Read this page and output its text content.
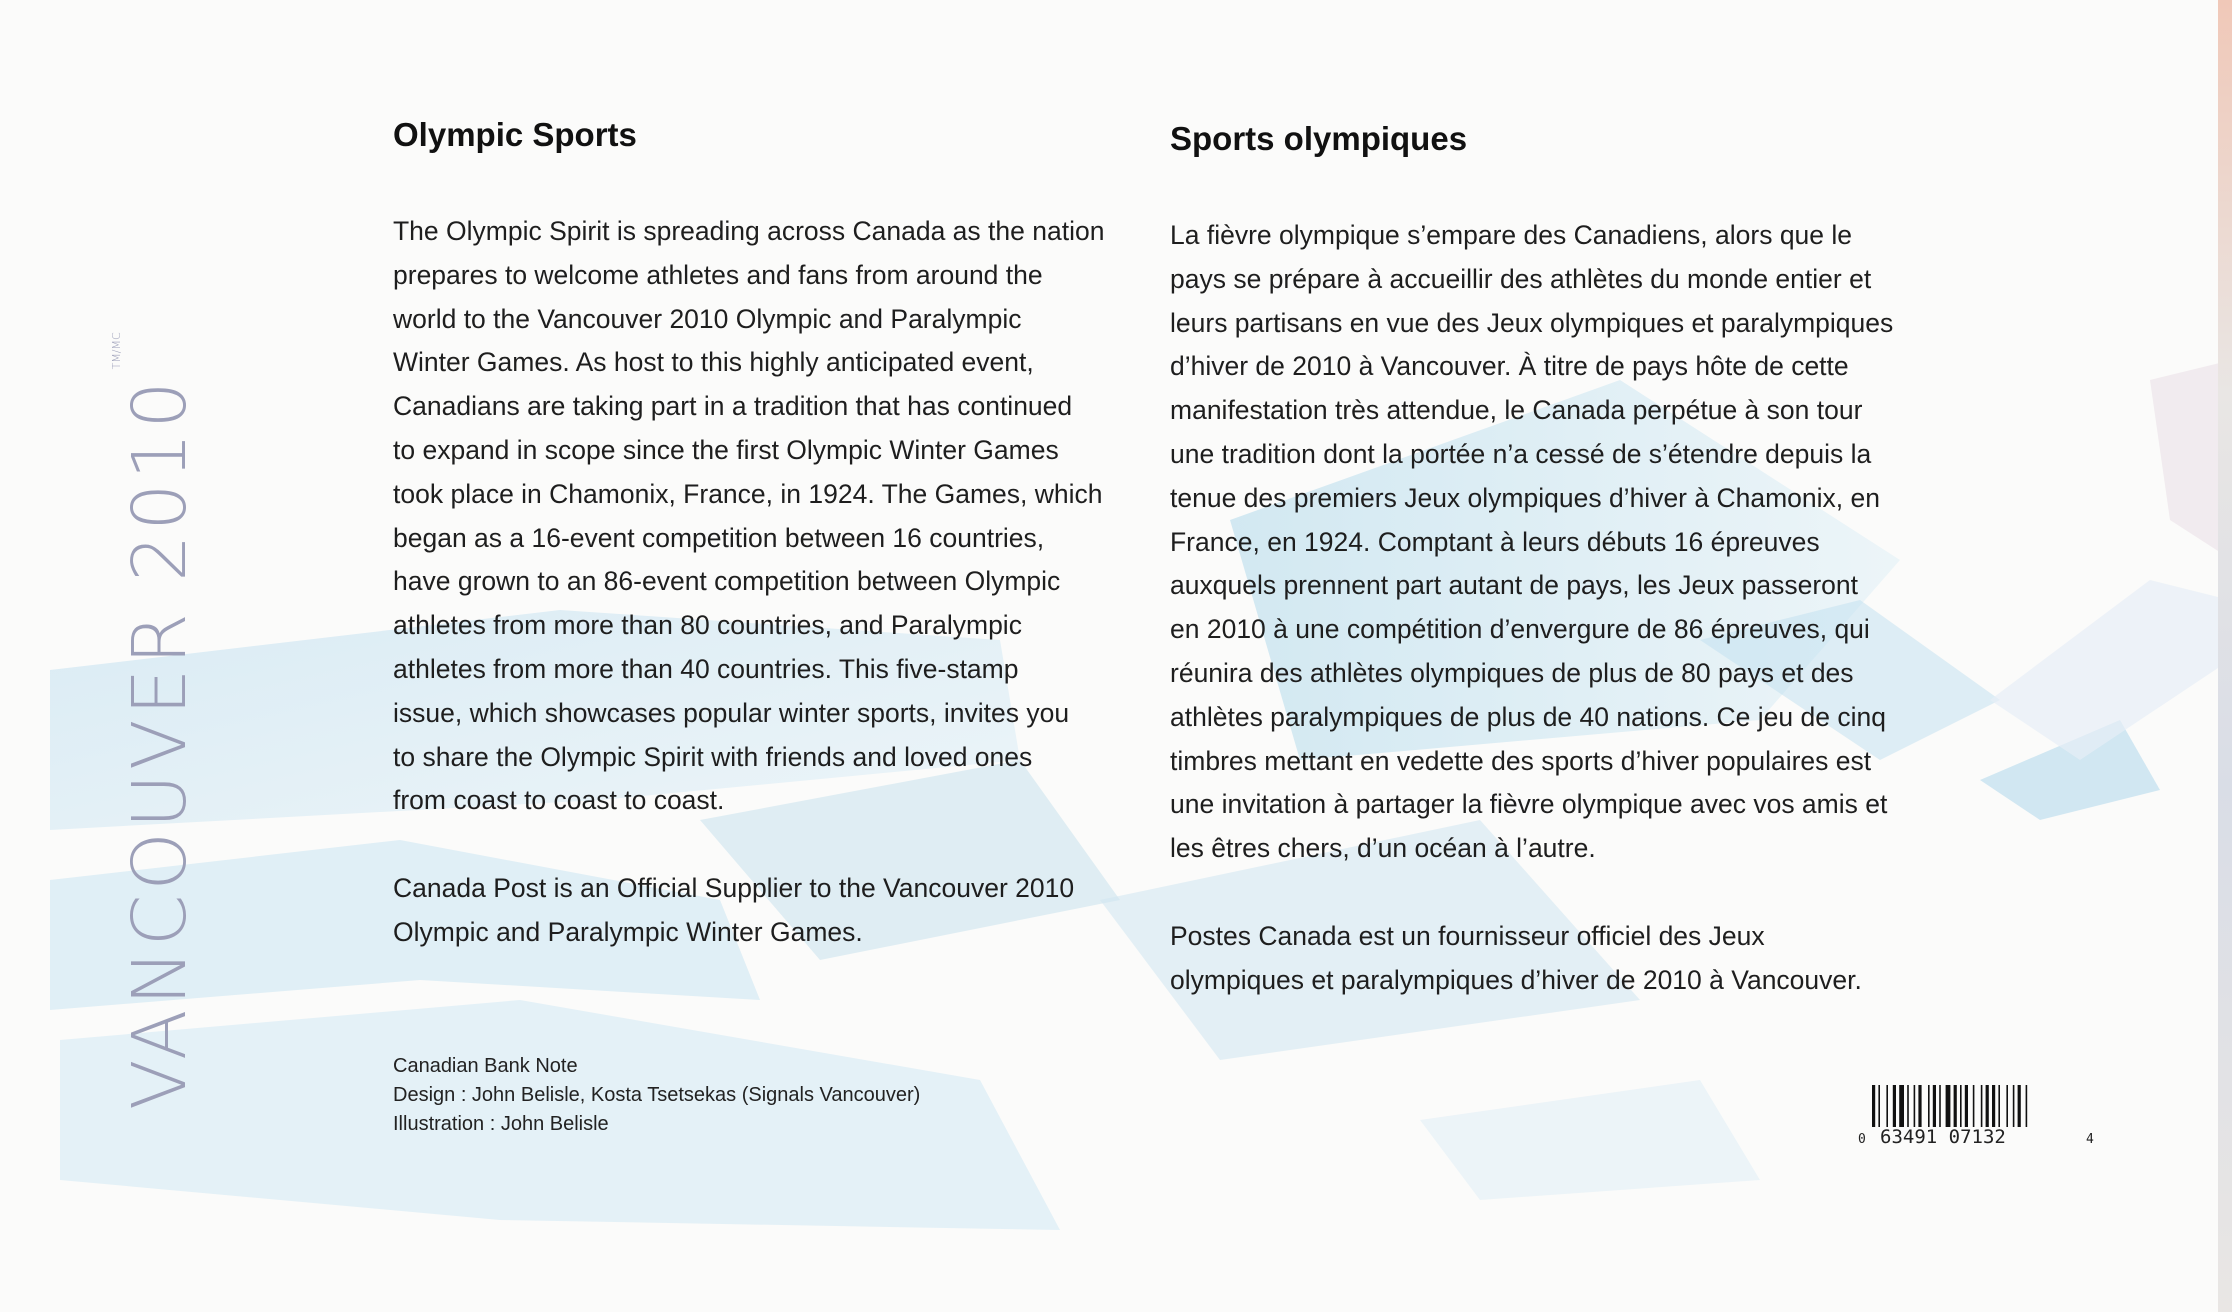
VANCOUVER $2010^{TM/MC}$
Olympic Sports

The Olympic Spirit is spreading across Canada as the nation
prepares to welcome athletes and fans from around the
world to the Vancouver 2010 Olympic and Paralympic
Winter Games. As host to this highly anticipated event,
Canadians are taking part in a tradition that has continued
to expand in scope since the first Olympic Winter Games
took place in Chamonix, France, in 1924. The Games, which
began as a 16-event competition between 16 countries,
have grown to an 86-event competition between Olympic
athletes from more than 80 countries, and Paralympic
athletes from more than 40 countries. This five-stamp
issue, which showcases popular winter sports, invites you
to share the Olympic Spirit with friends and loved ones
from coast to coast to coast.

Canada Post is an Official Supplier to the Vancouver 2010
Olympic and Paralympic Winter Games.

Sports olympiques

La fièvre olympique s’empare des Canadiens, alors que le
pays se prépare à accueillir des athlètes du monde entier et
leurs partisans en vue des Jeux olympiques et paralympiques
d’hiver de 2010 à Vancouver. À titre de pays hôte de cette
manifestation très attendue, le Canada perpétue à son tour
une tradition dont la portée n’a cessé de s’étendre depuis la
tenue des premiers Jeux olympiques d’hiver à Chamonix, en
France, en 1924. Comptant à leurs débuts 16 épreuves
auxquels prennent part autant de pays, les Jeux passeront
en 2010 à une compétition d’envergure de 86 épreuves, qui
réunira des athlètes olympiques de plus de 80 pays et des
athlètes paralympiques de plus de 40 nations. Ce jeu de cinq
timbres mettant en vedette des sports d’hiver populaires est
une invitation à partager la fièvre olympique avec vos amis et
les êtres chers, d’un océan à l’autre.

Postes Canada est un fournisseur officiel des Jeux
olympiques et paralympiques d’hiver de 2010 à Vancouver.

Canadian Bank Note
Design : John Belisle, Kosta Tsetsekas (Signals Vancouver)
Illustration : John Belisle
0 63491 07132	4
